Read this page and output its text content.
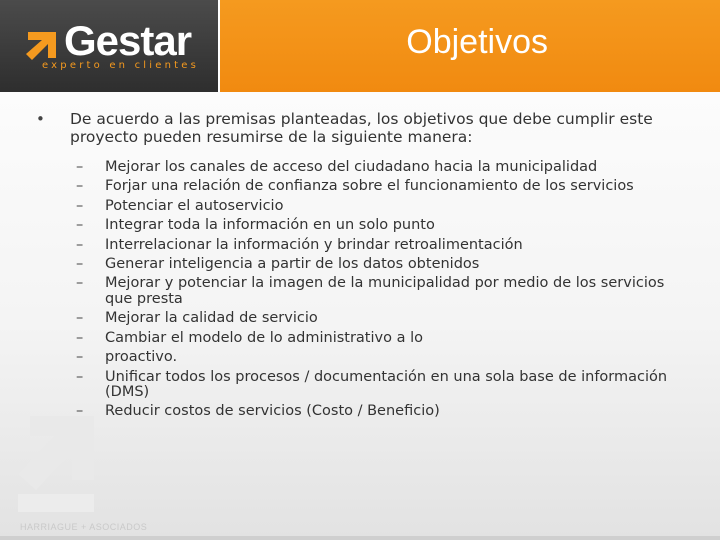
Gestar
experto en clientes
Objetivos
• De acuerdo a las premisas planteadas, los objetivos que debe cumplir este proyecto pueden resumirse de la siguiente manera:
– Mejorar los canales de acceso del ciudadano hacia la municipalidad
– Forjar una relación de confianza sobre el funcionamiento de los servicios
– Potenciar el autoservicio
– Integrar toda la información en un solo punto
– Interrelacionar la información y brindar retroalimentación
– Generar inteligencia a partir de los datos obtenidos
– Mejorar y potenciar la imagen de la municipalidad por medio de los servicios que presta
– Mejorar la calidad de servicio
– Cambiar el modelo de lo administrativo a lo
– proactivo.
– Unificar todos los procesos / documentación en una sola base de información (DMS)
– Reducir costos de servicios (Costo / Beneficio)
HARRIAGUE + ASOCIADOS
